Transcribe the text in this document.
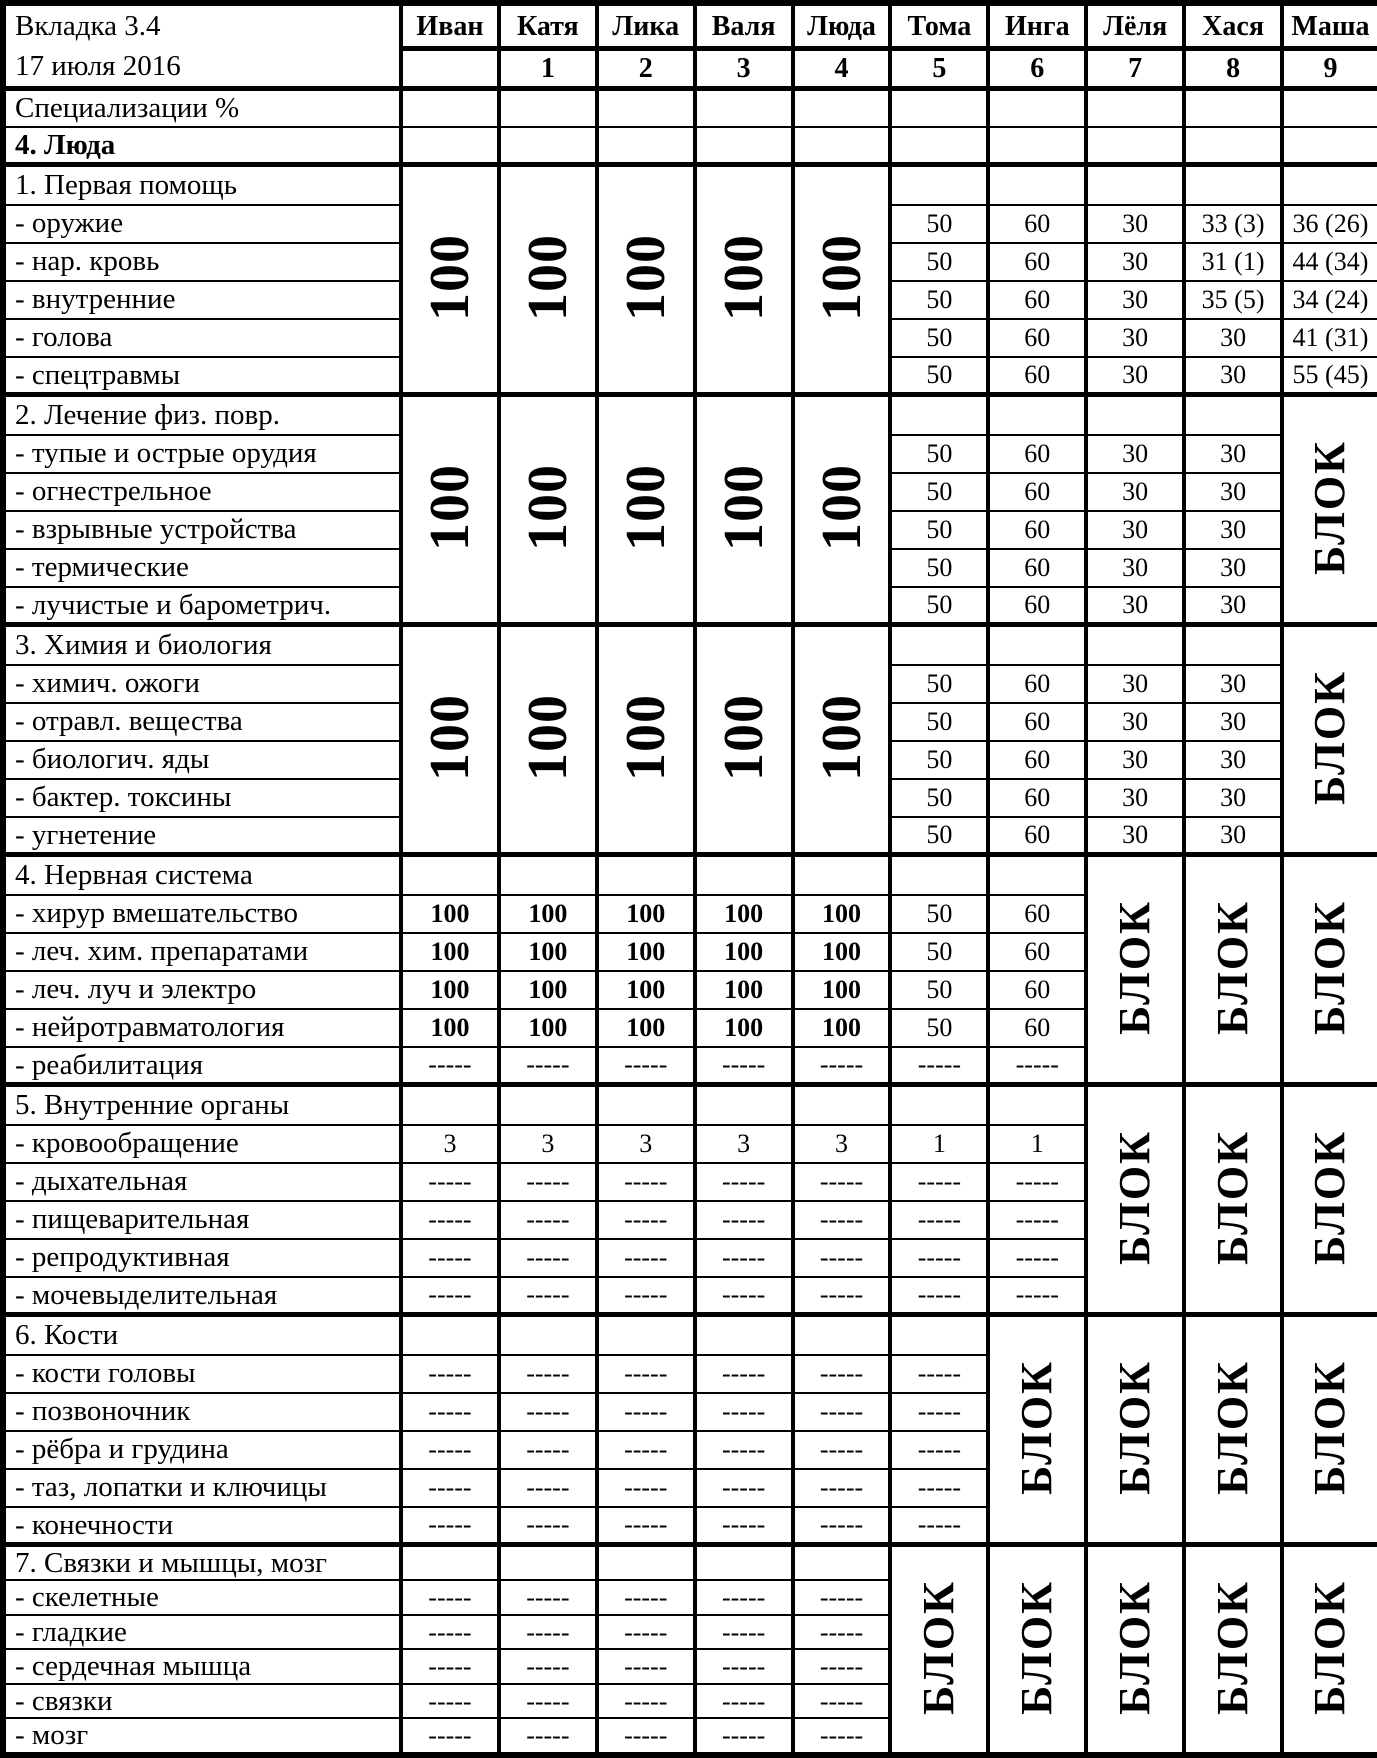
Вкладка 3.4
17 июля 2016	Иван	Катя	Лика	Валя	Люда	Тома	Инга	Лёля	Хася	Маша
		1	2	3	4	5	6	7	8	9
Специализации %										
4. Люда										
1. Первая помощь	100	100	100	100	100					
- оружие						50	60	30	33 (3)	36 (26)
- нар. кровь						50	60	30	31 (1)	44 (34)
- внутренние						50	60	30	35 (5)	34 (24)
- голова						50	60	30	30	41 (31)
- спецтравмы						50	60	30	30	55 (45)
2. Лечение физ. повр.	100	100	100	100	100					БЛОК
- тупые и острые орудия						50	60	30	30	
- огнестрельное						50	60	30	30	
- взрывные устройства						50	60	30	30	
- термические						50	60	30	30	
- лучистые и барометрич.						50	60	30	30	
3. Химия и биология	100	100	100	100	100					БЛОК
- химич. ожоги						50	60	30	30	
- отравл. вещества						50	60	30	30	
- биологич. яды						50	60	30	30	
- бактер. токсины						50	60	30	30	
- угнетение						50	60	30	30	
4. Нервная система								БЛОК	БЛОК	БЛОК
- хирур вмешательство	100	100	100	100	100	50	60			
- леч. хим. препаратами	100	100	100	100	100	50	60			
- леч. луч и электро	100	100	100	100	100	50	60			
- нейротравматология	100	100	100	100	100	50	60			
- реабилитация	-----	-----	-----	-----	-----	-----	-----			
5. Внутренние органы								БЛОК	БЛОК	БЛОК
- кровообращение	3	3	3	3	3	1	1			
- дыхательная	-----	-----	-----	-----	-----	-----	-----			
- пищеварительная	-----	-----	-----	-----	-----	-----	-----			
- репродуктивная	-----	-----	-----	-----	-----	-----	-----			
- мочевыделительная	-----	-----	-----	-----	-----	-----	-----			
6. Кости							БЛОК	БЛОК	БЛОК	БЛОК
- кости головы	-----	-----	-----	-----	-----	-----				
- позвоночник	-----	-----	-----	-----	-----	-----				
- рёбра и грудина	-----	-----	-----	-----	-----	-----				
- таз, лопатки и ключицы	-----	-----	-----	-----	-----	-----				
- конечности	-----	-----	-----	-----	-----	-----				
7. Связки и мышцы, мозг						БЛОК	БЛОК	БЛОК	БЛОК	БЛОК
- скелетные	-----	-----	-----	-----	-----					
- гладкие	-----	-----	-----	-----	-----					
- сердечная мышца	-----	-----	-----	-----	-----					
- связки	-----	-----	-----	-----	-----					
- мозг	-----	-----	-----	-----	-----					
